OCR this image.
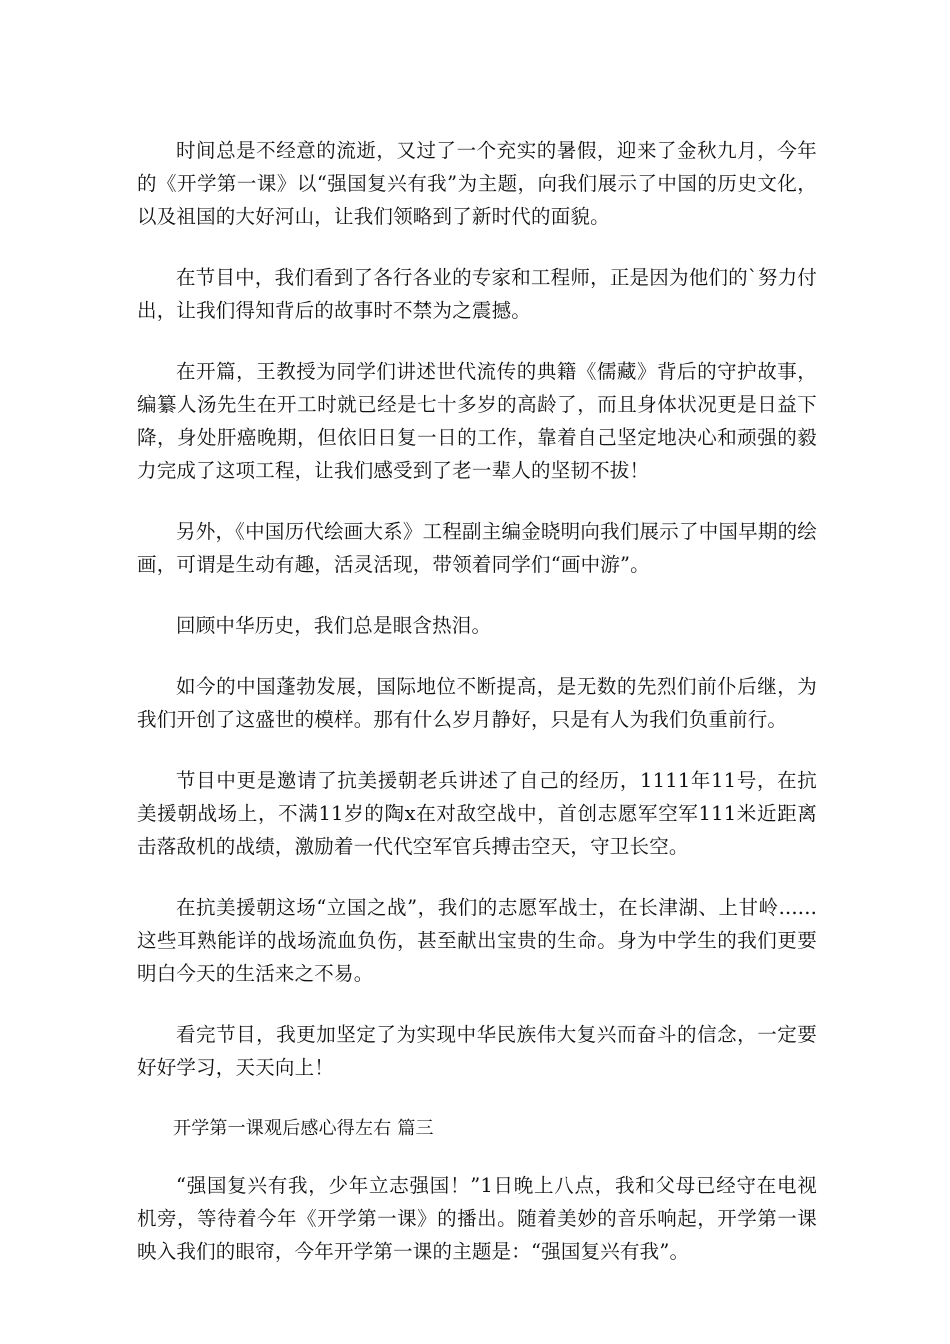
时间总是不经意的流逝，又过了一个充实的暑假，迎来了金秋九月，今年的《开学第一课》以“强国复兴有我”为主题，向我们展示了中国的历史文化，以及祖国的大好河山，让我们领略到了新时代的面貌。

在节目中，我们看到了各行各业的专家和工程师，正是因为他们的`努力付出，让我们得知背后的故事时不禁为之震撼。

在开篇，王教授为同学们讲述世代流传的典籍《儒藏》背后的守护故事，编纂人汤先生在开工时就已经是七十多岁的高龄了，而且身体状况更是日益下降，身处肝癌晚期，但依旧日复一日的工作，靠着自己坚定地决心和顽强的毅力完成了这项工程，让我们感受到了老一辈人的坚韧不拔！

另外，《中国历代绘画大系》工程副主编金晓明向我们展示了中国早期的绘画，可谓是生动有趣，活灵活现，带领着同学们“画中游”。

回顾中华历史，我们总是眼含热泪。

如今的中国蓬勃发展，国际地位不断提高，是无数的先烈们前仆后继，为我们开创了这盛世的模样。那有什么岁月静好，只是有人为我们负重前行。

节目中更是邀请了抗美援朝老兵讲述了自己的经历，1111年11号，在抗美援朝战场上，不满11岁的陶x在对敌空战中，首创志愿军空军111米近距离击落敌机的战绩，激励着一代代空军官兵搏击空天，守卫长空。

在抗美援朝这场“立国之战”，我们的志愿军战士，在长津湖、上甘岭......这些耳熟能详的战场流血负伤，甚至献出宝贵的生命。身为中学生的我们更要明白今天的生活来之不易。

看完节目，我更加坚定了为实现中华民族伟大复兴而奋斗的信念，一定要好好学习，天天向上！

开学第一课观后感心得左右 篇三

“强国复兴有我，少年立志强国！”1日晚上八点，我和父母已经守在电视机旁，等待着今年《开学第一课》的播出。随着美妙的音乐响起，开学第一课映入我们的眼帘，今年开学第一课的主题是：“强国复兴有我”。
